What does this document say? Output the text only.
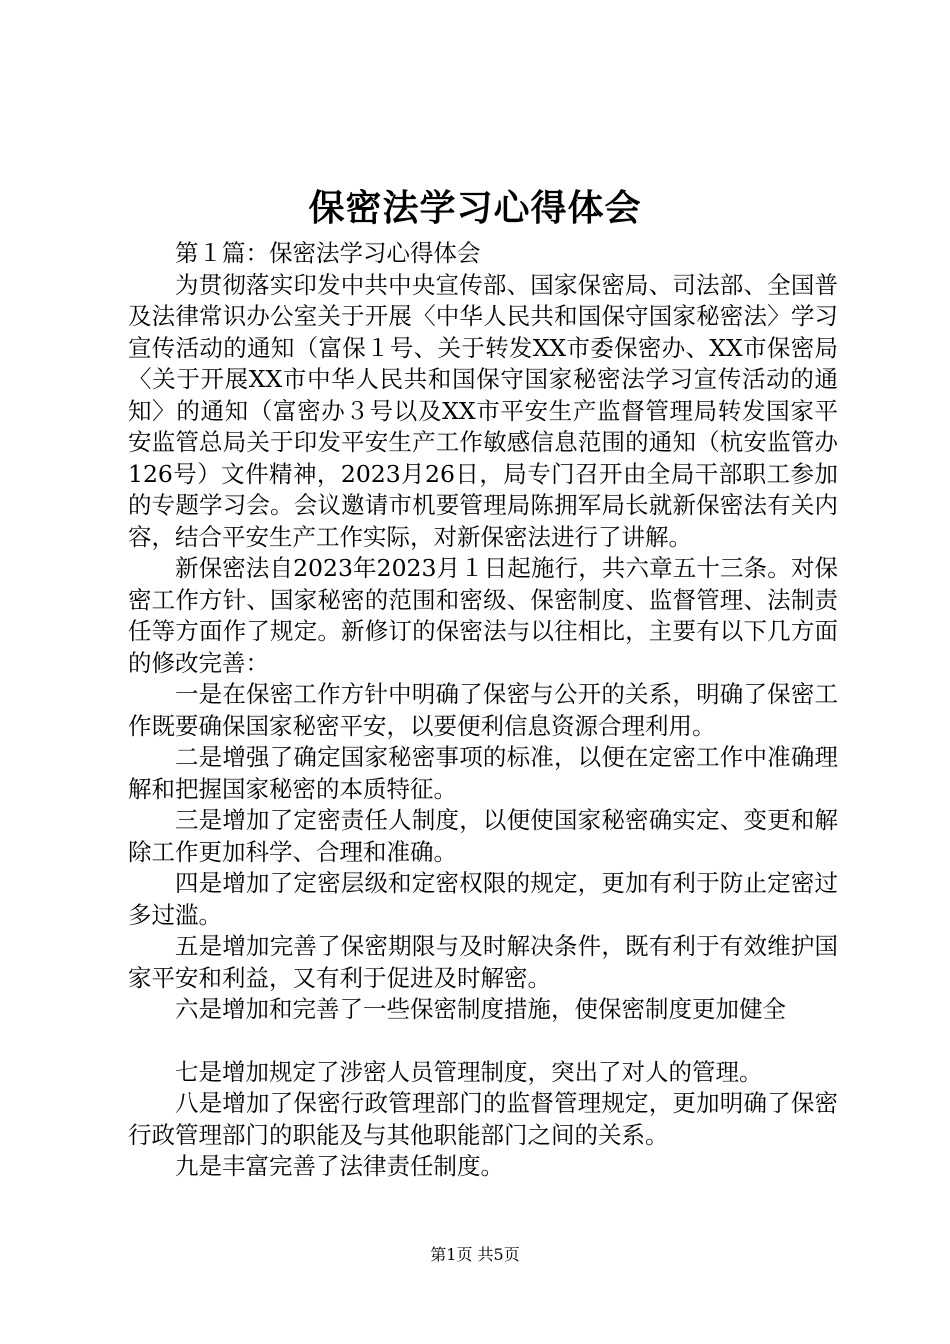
保密法学习心得体会

第１篇：保密法学习心得体会

为贯彻落实印发中共中央宣传部、国家保密局、司法部、全国普及法律常识办公室关于开展〈中华人民共和国保守国家秘密法〉学习宣传活动的通知（富保１号、关于转发XX市委保密办、XX市保密局〈关于开展XX市中华人民共和国保守国家秘密法学习宣传活动的通知〉的通知（富密办３号以及XX市平安生产监督管理局转发国家平安监管总局关于印发平安生产工作敏感信息范围的通知（杭安监管办126号）文件精神，2023月26日，局专门召开由全局干部职工参加的专题学习会。会议邀请市机要管理局陈拥军局长就新保密法有关内容，结合平安生产工作实际，对新保密法进行了讲解。

新保密法自2023年2023月１日起施行，共六章五十三条。对保密工作方针、国家秘密的范围和密级、保密制度、监督管理、法制责任等方面作了规定。新修订的保密法与以往相比，主要有以下几方面的修改完善：

一是在保密工作方针中明确了保密与公开的关系，明确了保密工作既要确保国家秘密平安，以要便利信息资源合理利用。

二是增强了确定国家秘密事项的标准，以便在定密工作中准确理解和把握国家秘密的本质特征。

三是增加了定密责任人制度，以便使国家秘密确实定、变更和解除工作更加科学、合理和准确。

四是增加了定密层级和定密权限的规定，更加有利于防止定密过多过滥。

五是增加完善了保密期限与及时解决条件，既有利于有效维护国家平安和利益，又有利于促进及时解密。

六是增加和完善了一些保密制度措施，使保密制度更加健全

七是增加规定了涉密人员管理制度，突出了对人的管理。

八是增加了保密行政管理部门的监督管理规定，更加明确了保密行政管理部门的职能及与其他职能部门之间的关系。

九是丰富完善了法律责任制度。

第1页 共5页
